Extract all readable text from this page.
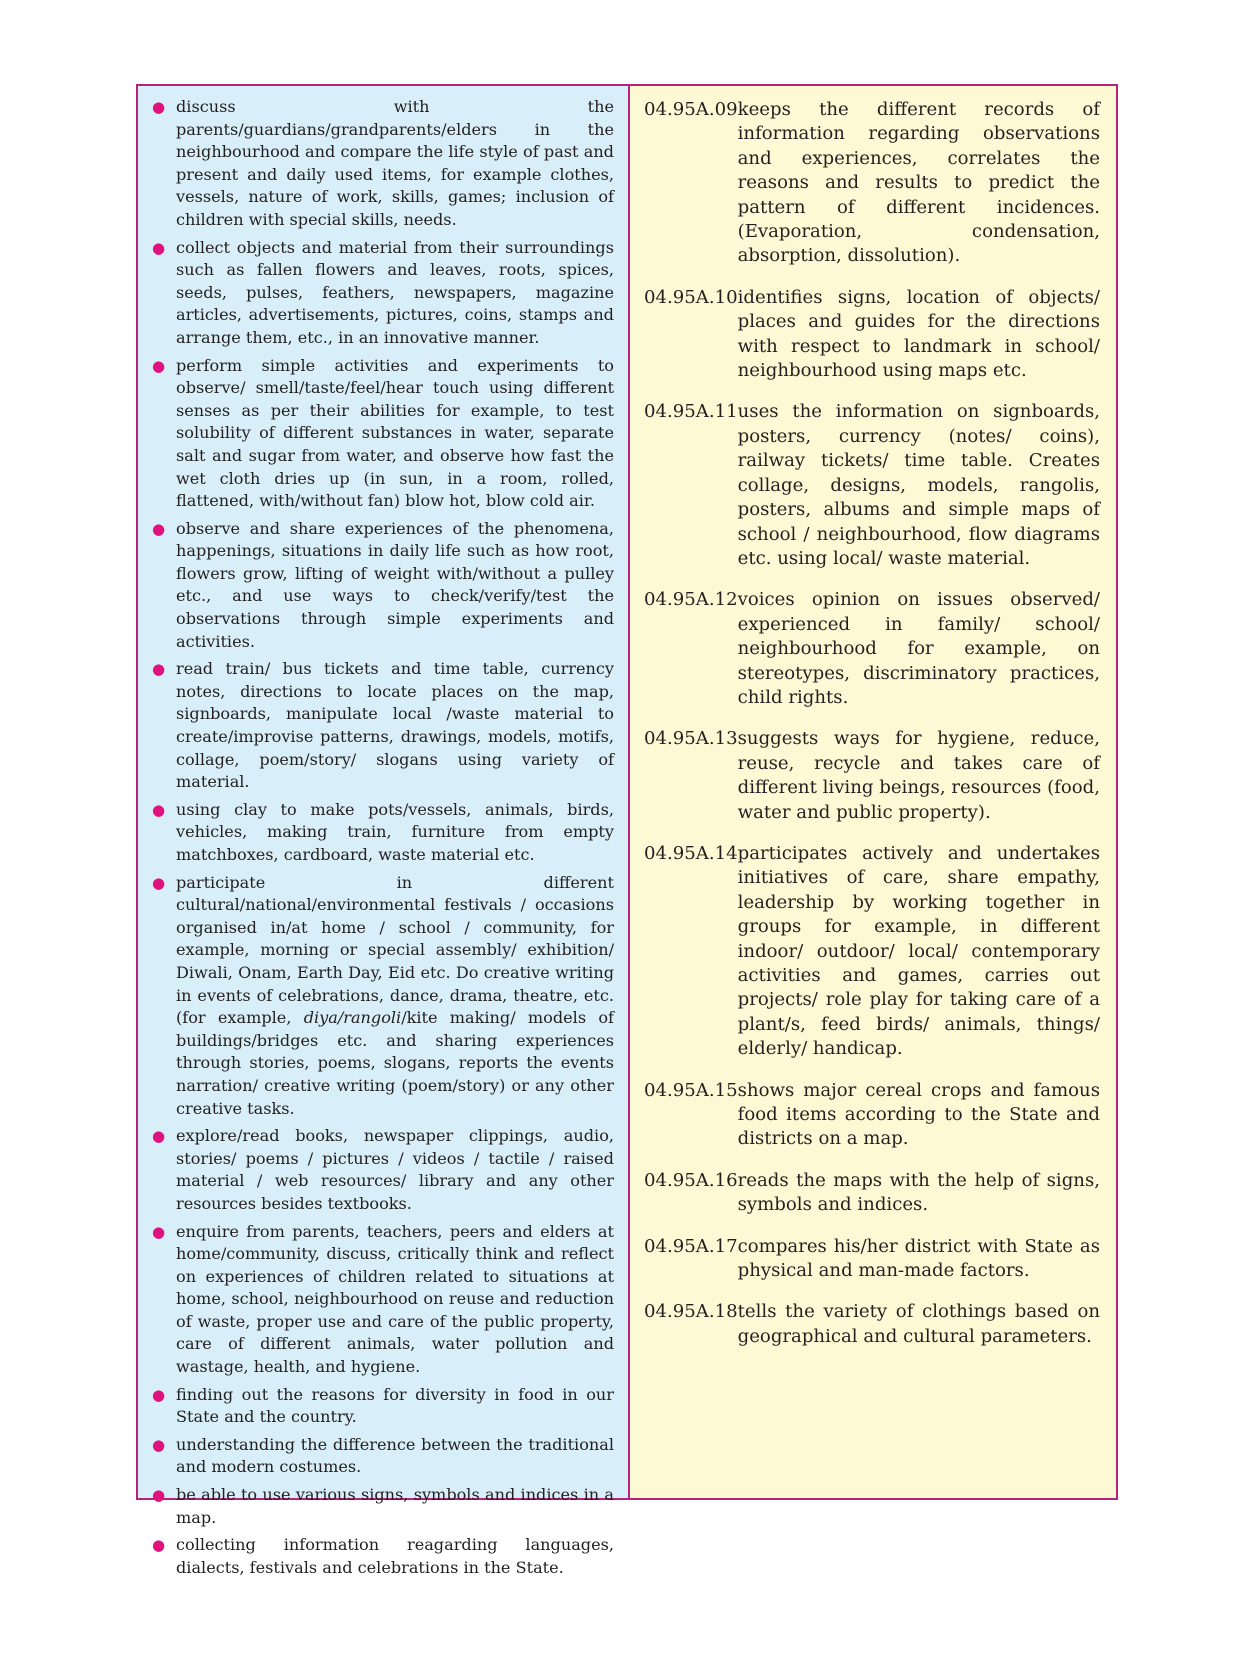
● discuss with the parents/guardians/grandparents/elders in the neighbourhood and compare the life style of past and present and daily used items, for example clothes, vessels, nature of work, skills, games; inclusion of children with special skills, needs.
● collect objects and material from their surroundings such as fallen flowers and leaves, roots, spices, seeds, pulses, feathers, newspapers, magazine articles, advertisements, pictures, coins, stamps and arrange them, etc., in an innovative manner.
● perform simple activities and experiments to observe/ smell/taste/feel/hear touch using different senses as per their abilities for example, to test solubility of different substances in water, separate salt and sugar from water, and observe how fast the wet cloth dries up (in sun, in a room, rolled, flattened, with/without fan) blow hot, blow cold air.
● observe and share experiences of the phenomena, happenings, situations in daily life such as how root, flowers grow, lifting of weight with/without a pulley etc., and use ways to check/verify/test the observations through simple experiments and activities.
● read train/ bus tickets and time table, currency notes, directions to locate places on the map, signboards, manipulate local /waste material to create/improvise patterns, drawings, models, motifs, collage, poem/story/ slogans using variety of material.
● using clay to make pots/vessels, animals, birds, vehicles, making train, furniture from empty matchboxes, cardboard, waste material etc.
● participate in different cultural/national/environmental festivals / occasions organised in/at home / school / community, for example, morning or special assembly/ exhibition/ Diwali, Onam, Earth Day, Eid etc. Do creative writing in events of celebrations, dance, drama, theatre, etc. (for example, diya/rangoli/kite making/ models of buildings/bridges etc. and sharing experiences through stories, poems, slogans, reports the events narration/ creative writing (poem/story) or any other creative tasks.
● explore/read books, newspaper clippings, audio, stories/ poems / pictures / videos / tactile / raised material / web resources/ library and any other resources besides textbooks.
● enquire from parents, teachers, peers and elders at home/community, discuss, critically think and reflect on experiences of children related to situations at home, school, neighbourhood on reuse and reduction of waste, proper use and care of the public property, care of different animals, water pollution and wastage, health, and hygiene.
● finding out the reasons for diversity in food in our State and the country.
● understanding the difference between the traditional and modern costumes.
● be able to use various signs, symbols and indices in a map.
● collecting information reagarding languages, dialects, festivals and celebrations in the State.
04.95A.09 keeps the different records of information regarding observations and experiences, correlates the reasons and results to predict the pattern of different incidences. (Evaporation, condensation, absorption, dissolution).
04.95A.10 identifies signs, location of objects/ places and guides for the directions with respect to landmark in school/ neighbourhood using maps etc.
04.95A.11 uses the information on signboards, posters, currency (notes/ coins), railway tickets/ time table. Creates collage, designs, models, rangolis, posters, albums and simple maps of school / neighbourhood, flow diagrams etc. using local/ waste material.
04.95A.12 voices opinion on issues observed/ experienced in family/ school/ neighbourhood for example, on stereotypes, discriminatory practices, child rights.
04.95A.13 suggests ways for hygiene, reduce, reuse, recycle and takes care of different living beings, resources (food, water and public property).
04.95A.14 participates actively and undertakes initiatives of care, share empathy, leadership by working together in groups for example, in different indoor/ outdoor/ local/ contemporary activities and games, carries out projects/ role play for taking care of a plant/s, feed birds/ animals, things/ elderly/ handicap.
04.95A.15 shows major cereal crops and famous food items according to the State and districts on a map.
04.95A.16 reads the maps with the help of signs, symbols and indices.
04.95A.17 compares his/her district with State as physical and man-made factors.
04.95A.18 tells the variety of clothings based on geographical and cultural parameters.
